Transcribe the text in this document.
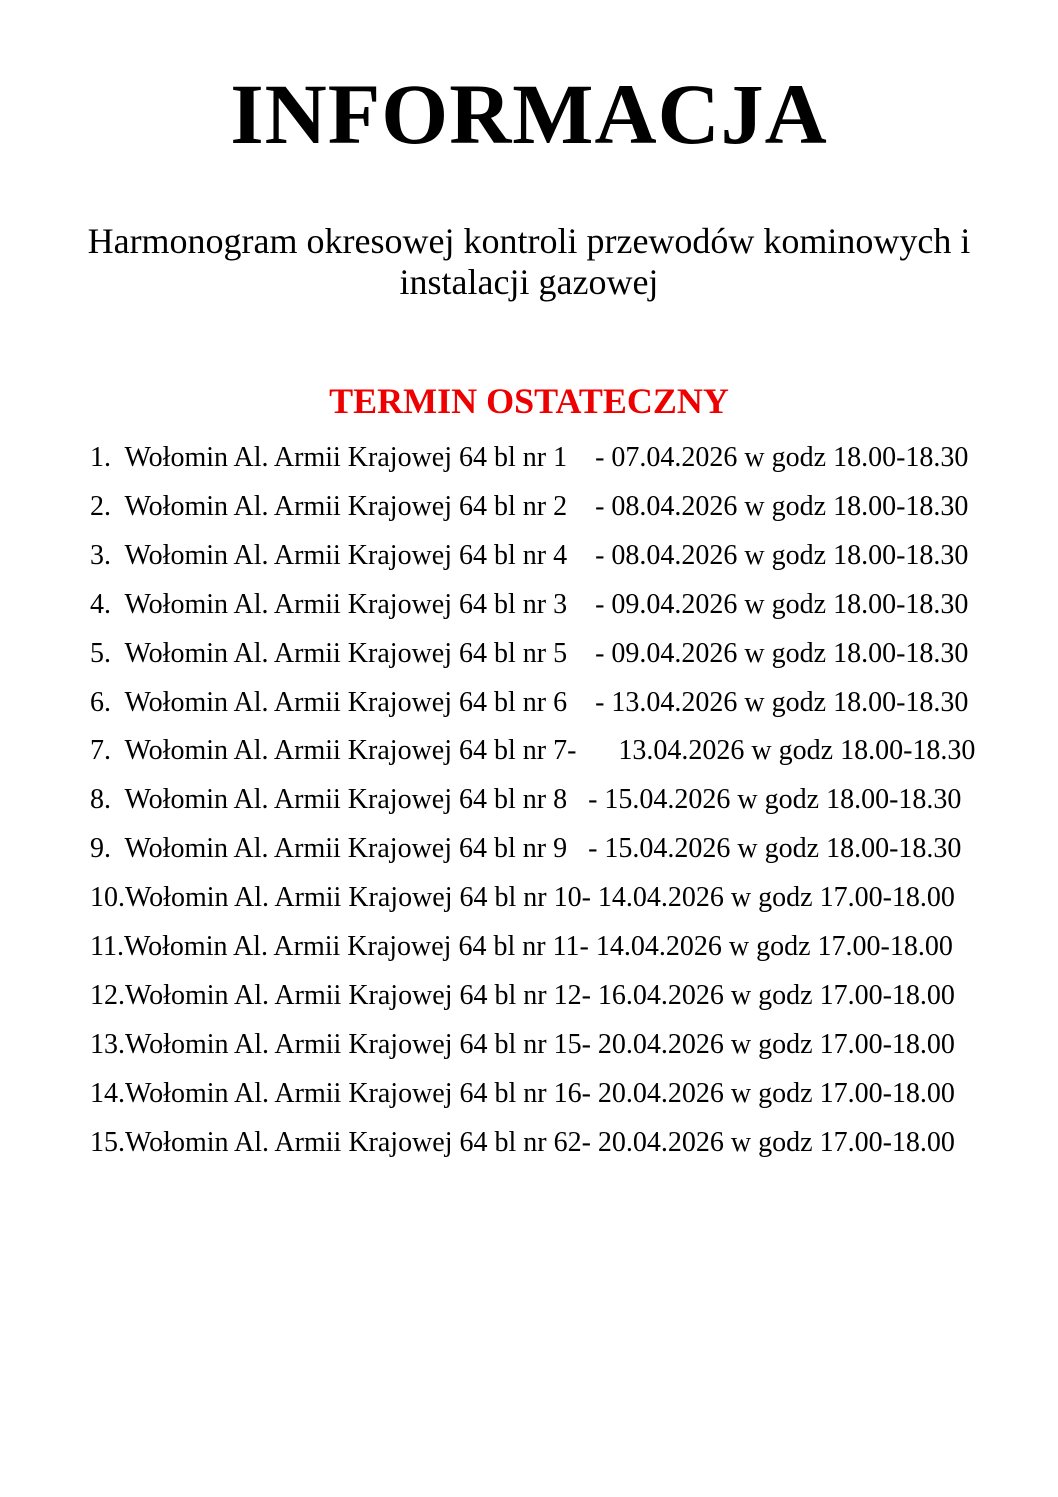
INFORMACJA
Harmonogram okresowej kontroli przewodów kominowych i instalacji gazowej
TERMIN OSTATECZNY
1.  Wołomin Al. Armii Krajowej 64 bl nr 1    - 07.04.2026 w godz 18.00-18.30
2.  Wołomin Al. Armii Krajowej 64 bl nr 2    - 08.04.2026 w godz 18.00-18.30
3.  Wołomin Al. Armii Krajowej 64 bl nr 4    - 08.04.2026 w godz 18.00-18.30
4.  Wołomin Al. Armii Krajowej 64 bl nr 3    - 09.04.2026 w godz 18.00-18.30
5.  Wołomin Al. Armii Krajowej 64 bl nr 5    - 09.04.2026 w godz 18.00-18.30
6.  Wołomin Al. Armii Krajowej 64 bl nr 6    - 13.04.2026 w godz 18.00-18.30
7.  Wołomin Al. Armii Krajowej 64 bl nr 7-      13.04.2026 w godz 18.00-18.30
8.  Wołomin Al. Armii Krajowej 64 bl nr 8   - 15.04.2026 w godz 18.00-18.30
9.  Wołomin Al. Armii Krajowej 64 bl nr 9   - 15.04.2026 w godz 18.00-18.30
10.Wołomin Al. Armii Krajowej 64 bl nr 10- 14.04.2026 w godz 17.00-18.00
11.Wołomin Al. Armii Krajowej 64 bl nr 11- 14.04.2026 w godz 17.00-18.00
12.Wołomin Al. Armii Krajowej 64 bl nr 12- 16.04.2026 w godz 17.00-18.00
13.Wołomin Al. Armii Krajowej 64 bl nr 15- 20.04.2026 w godz 17.00-18.00
14.Wołomin Al. Armii Krajowej 64 bl nr 16- 20.04.2026 w godz 17.00-18.00
15.Wołomin Al. Armii Krajowej 64 bl nr 62- 20.04.2026 w godz 17.00-18.00
